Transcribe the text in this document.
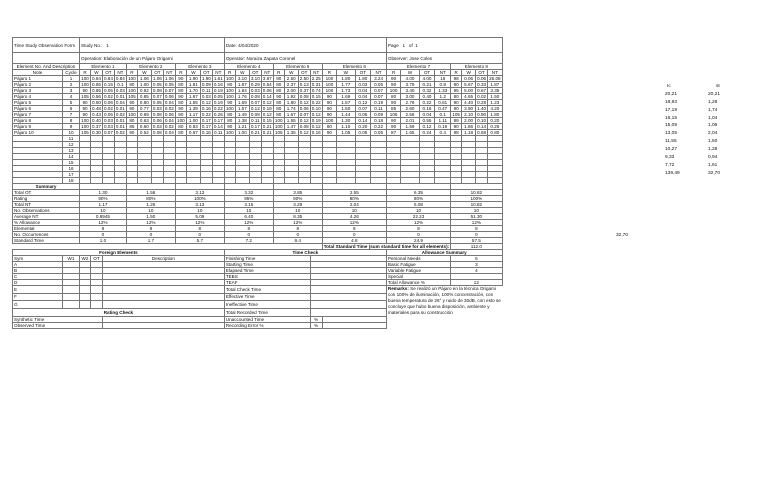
Time Study Observation Form		Study No.: 1												Date: 4/04/2020												Page 1 of 1							
		Operation: Elaboración de un Pájaro Origami												Operator: Noraiza Zapata Coronel												Observer: Jose Coles							
Element No. And Description		Elemento 1				Elemento 2				Elemento 3				Elemento 4				Elemento 5				Elemento 6				Elemento 7				Elemento 8			
Note	Cycle	R	W	OT	NT	R	W	OT	NT	R	W	OT	NT	R	W	OT	NT	R	W	OT	NT	R	W	OT	NT	R	W	OT	NT	R	W	OT	NT
Pájaro 1	1	100	0.84	0.84	0.84	100	1.06	1.06	1.06	90	1.90	1.90	1.61	100	3.10	3.10	3.87	90	2.50	2.50	2.25	100	1.80	1.80	3.24	90	4.00	4.00	16	98	0.06	0.06	26.08
Pájaro 2	2	100	0.85	0.15	0.1	80	1.00	0.05	0.05	80	1.81	0.09	0.16	80	1.87	0.29	0.54	80	2.37	0.13	0.31	100	1.77	0.03	0.05	90	3.79	0.21	0.8	80	5.67	0.33	1.87
Pájaro 3	3	90	0.85	0.05	0.03	100	0.92	0.08	0.07	80	1.70	0.11	0.19	100	1.84	0.03	0.06	80	2.00	0.37	0.74	100	1.73	0.04	0.07	100	3.40	0.32	1.33	95	5.00	0.67	3.35
Pájaro 4	4	105	0.56	0.02	0.01	105	0.85	0.07	0.06	90	1.67	0.03	0.05	100	1.76	0.08	0.14	90	1.92	0.08	0.15	90	1.69	0.04	0.07	80	3.00	0.40	1.2	80	4.65	0.02	1.50
Pájaro 5	5	90	0.50	0.06	0.04	90	0.80	0.05	0.04	80	1.55	0.12	0.19	90	1.69	0.07	0.12	80	1.80	0.12	0.22	90	1.57	0.12	0.19	90	2.76	0.22	0.61	90	4.40	0.28	1.23
Pájaro 6	6	90	0.48	0.02	0.01	90	0.77	0.03	0.02	90	1.39	0.16	0.22	100	1.57	0.12	0.19	80	1.74	0.06	0.10	90	1.50	0.07	0.11	85	2.60	0.16	0.47	90	3.90	1.40	4.20
Pájaro 7	7	90	0.43	0.05	0.02	100	0.69	0.08	0.06	90	1.17	0.22	0.26	80	1.49	0.08	0.12	80	1.67	0.07	0.12	90	1.44	0.06	0.09	105	2.56	0.04	0.1	105	2.10	0.90	1.80
Pájaro 8	8	100	0.40	0.03	0.01	80	0.63	0.06	0.04	100	1.00	0.17	0.17	80	1.38	0.11	0.15	100	1.55	0.12	0.19	100	1.30	0.14	0.18	90	2.01	0.55	1.11	89	2.00	0.10	0.20
Pájaro 9	9	100	0.37	0.03	0.01	85	0.60	0.03	0.02	80	0.83	0.17	0.14	90	1.21	0.17	0.21	100	1.47	0.08	0.12	80	1.10	0.20	0.22	90	1.59	0.12	0.19	90	1.86	0.14	0.26
Pájaro 10	10	105	0.30	0.07	0.02	90	0.52	0.08	0.04	80	0.67	0.16	0.11	100	1.00	0.21	0.21	105	1.35	0.12	0.16	90	1.05	0.05	0.05	87	1.65	0.24	0.4	98	1.18	0.68	0.80
	11																																
	12																																
	13																																
	14																																
	15																																
	16																																
	17																																
	18																																
Summary																																	
Total OT		1.30				1.56				3.13				3.32				3.85				2.55				6.35				10.82			
Rating		90%				80%				100%				95%				90%				80%				80%				100%			
Total NT		1.17				1.26				3.13				3.15				3.29				2.04				5.08				10.82			
No. Observations		10				10				10				10				10				10				10				10			
Average NT		0.8945				1.50				5.09				6.40				8.35				4.26				22.23				51.30			
% Allowance		12%				12%				12%				12%				12%				12%				12%				12%			
Elemental		8				8				8				8				8				8				8				8			
No. Occurrences		0				0				0				0				0				0				0				0			
Standard Time		1.0				1.7				5.7				7.2				9.4				4.8				24.9				57.5			
																						Total Standard Time (sum standard time for all elements):								112.0			
Foreign Elements														Time Check												Allowance Summary							
Sym	W1	W2	OT	Description										Finishing Time												Personal Needs				5			
A														Starting Time												Basic Fatigue				3			
B														Elapsed Time												Variable Fatigue				4			
C														TEBS												Special							
D														TEAF												Total Allowance %				12			
E														Total Check Time												Remarks: Se realizó un Pájaro en la técnica Origami con 100% de iluminación, 100% concentración, con buena temperatura de 26° y ruido de 30dB, con esto se concluye que hubo buena disposición, ambiente y materiales para su construcción							
F														Effective Time																			
G														Ineffective Time																			
Rating Check														Total Recorded Time																			
Synthetic Time														Unaccounted Time							%												
Observed Time														Recording Error %							%												
Ic	st
20,21	20,21
18,93	1,28
17,19	1,74
16,15	1,04
15,09	1,06
13,05	2,04
11,55	1,50
10,27	1,28
9,33	0,94
7,72	1,61
139,49	32,70
32,70
